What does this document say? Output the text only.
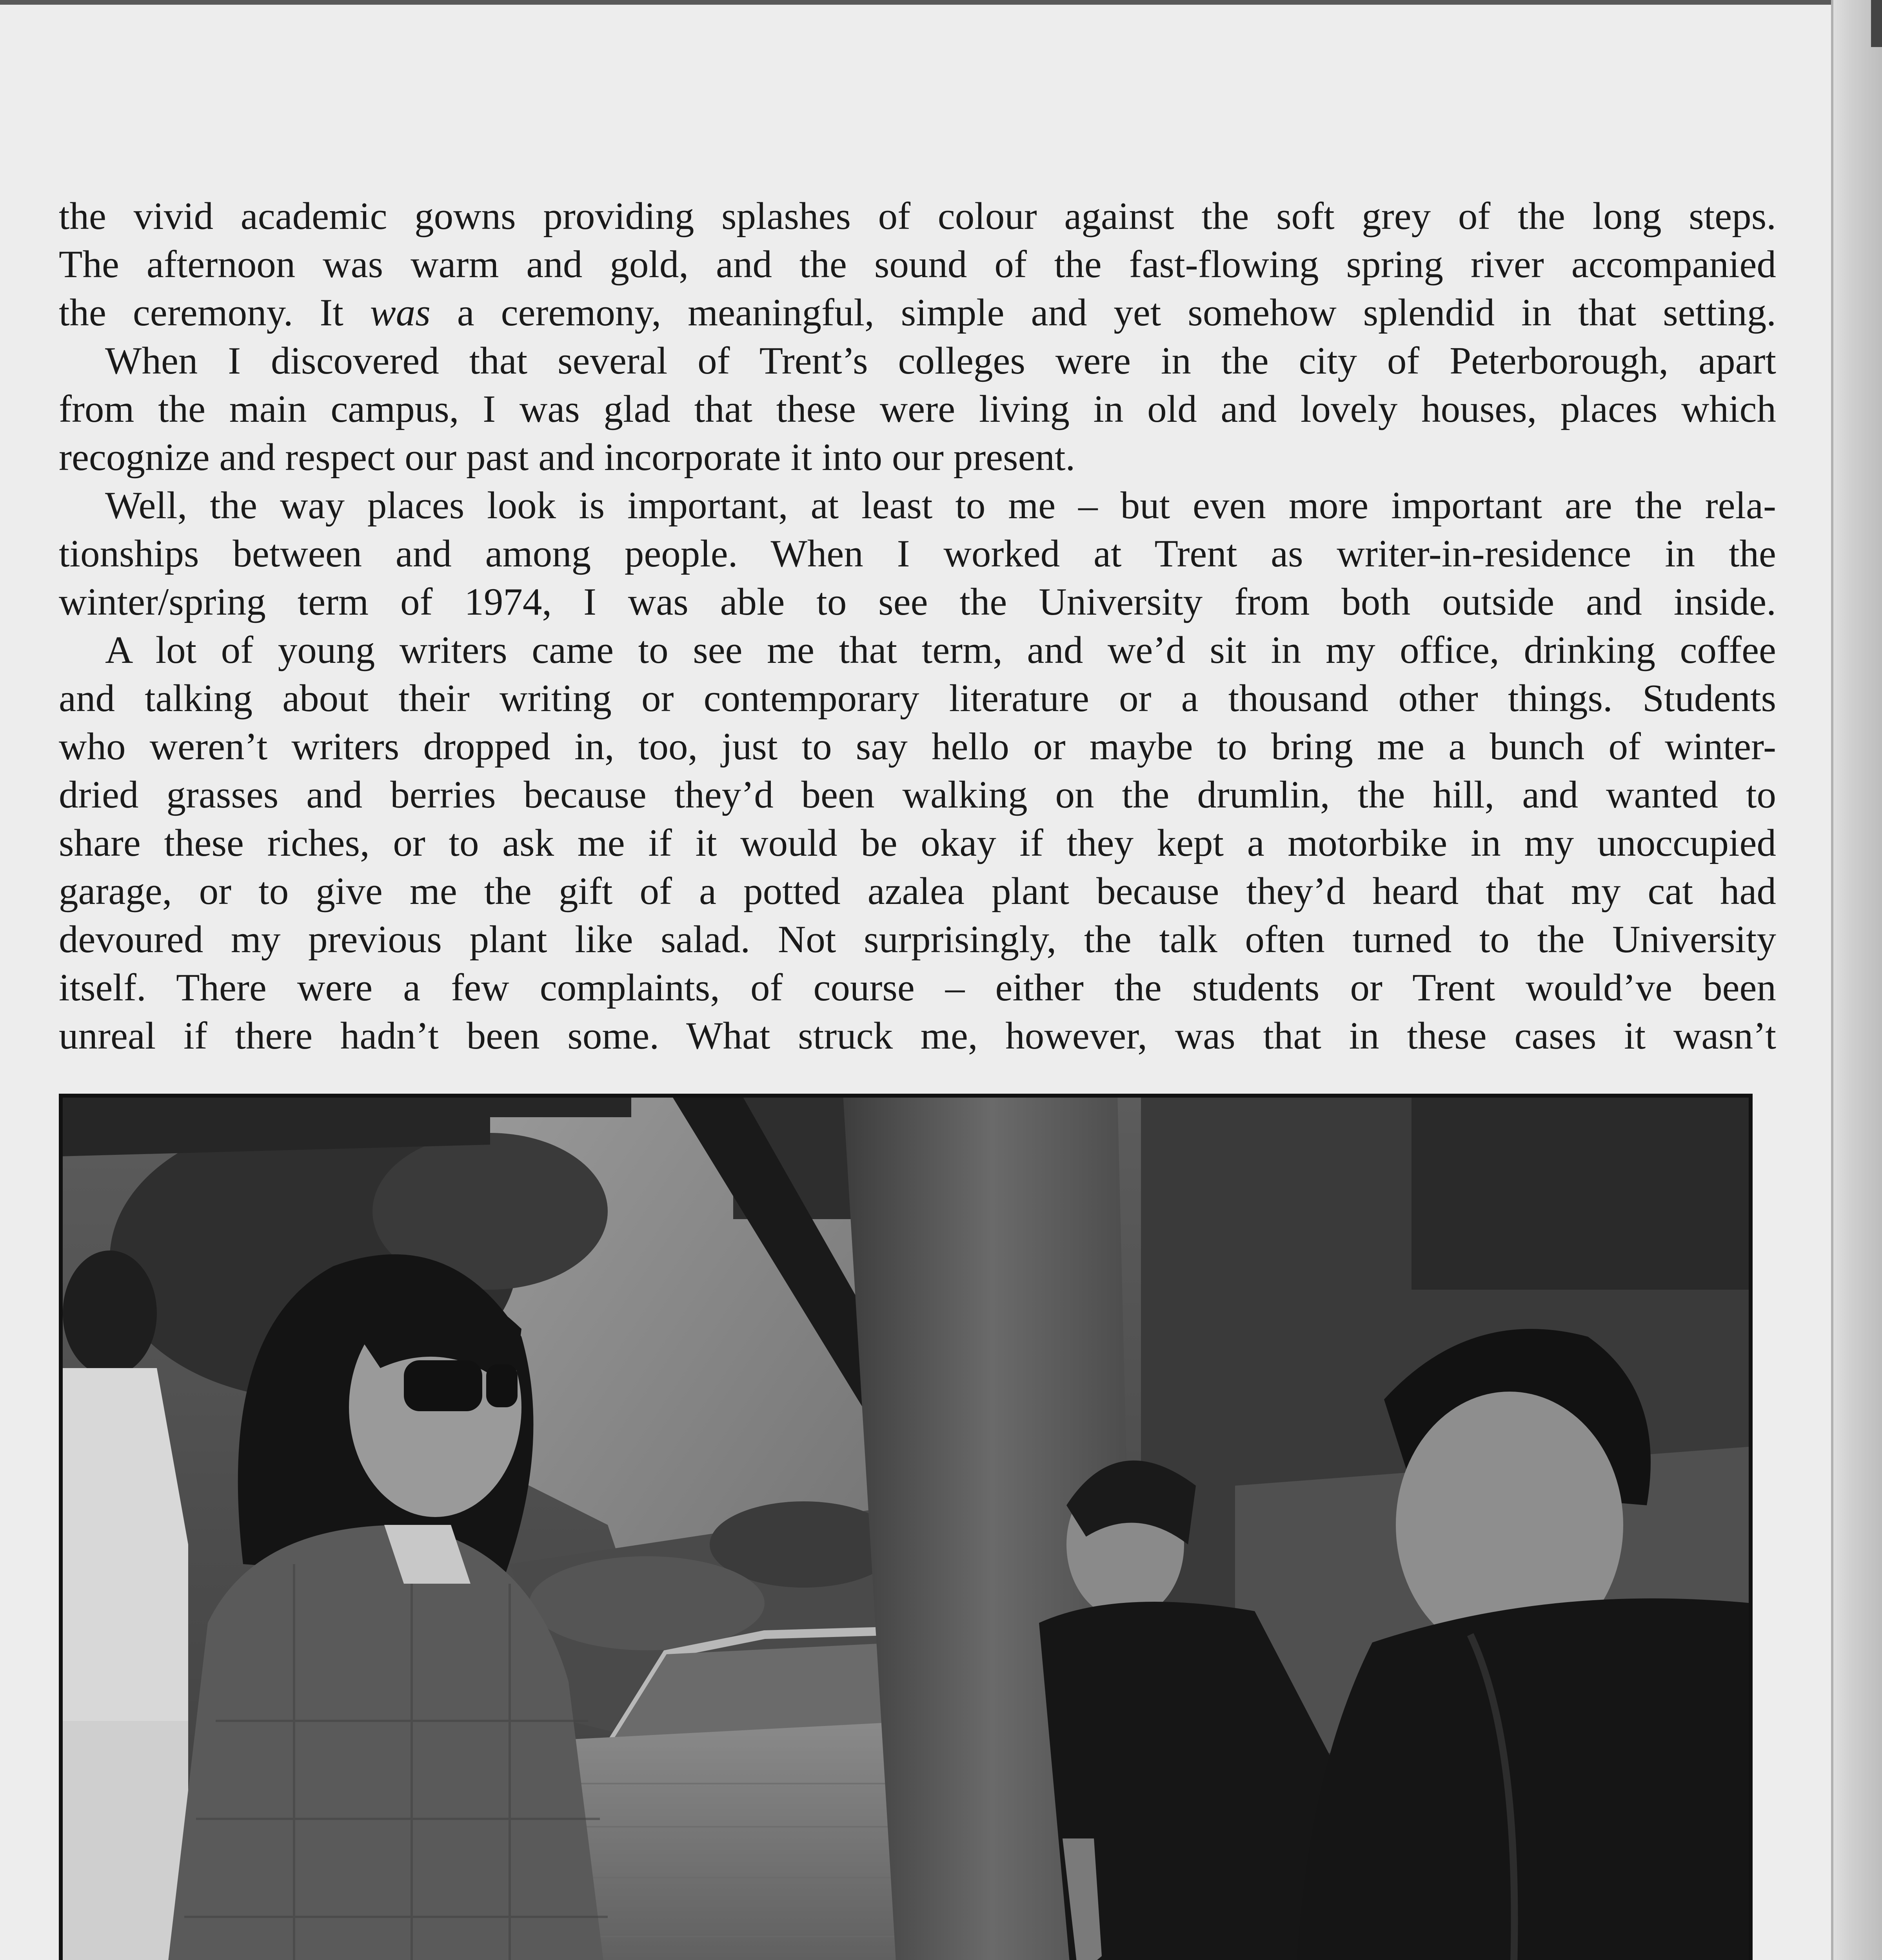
the vivid academic gowns providing splashes of colour against the soft grey of the long steps.
The afternoon was warm and gold, and the sound of the fast-flowing spring river accompanied
the ceremony. It was a ceremony, meaningful, simple and yet somehow splendid in that setting.
When I discovered that several of Trent’s colleges were in the city of Peterborough, apart
from the main campus, I was glad that these were living in old and lovely houses, places which
recognize and respect our past and incorporate it into our present.
Well, the way places look is important, at least to me – but even more important are the rela-
tionships between and among people. When I worked at Trent as writer-in-residence in the
winter/spring term of 1974, I was able to see the University from both outside and inside.
A lot of young writers came to see me that term, and we’d sit in my office, drinking coffee
and talking about their writing or contemporary literature or a thousand other things. Students
who weren’t writers dropped in, too, just to say hello or maybe to bring me a bunch of winter-
dried grasses and berries because they’d been walking on the drumlin, the hill, and wanted to
share these riches, or to ask me if it would be okay if they kept a motorbike in my unoccupied
garage, or to give me the gift of a potted azalea plant because they’d heard that my cat had
devoured my previous plant like salad. Not surprisingly, the talk often turned to the University
itself. There were a few complaints, of course – either the students or Trent would’ve been
unreal if there hadn’t been some. What struck me, however, was that in these cases it wasn’t
